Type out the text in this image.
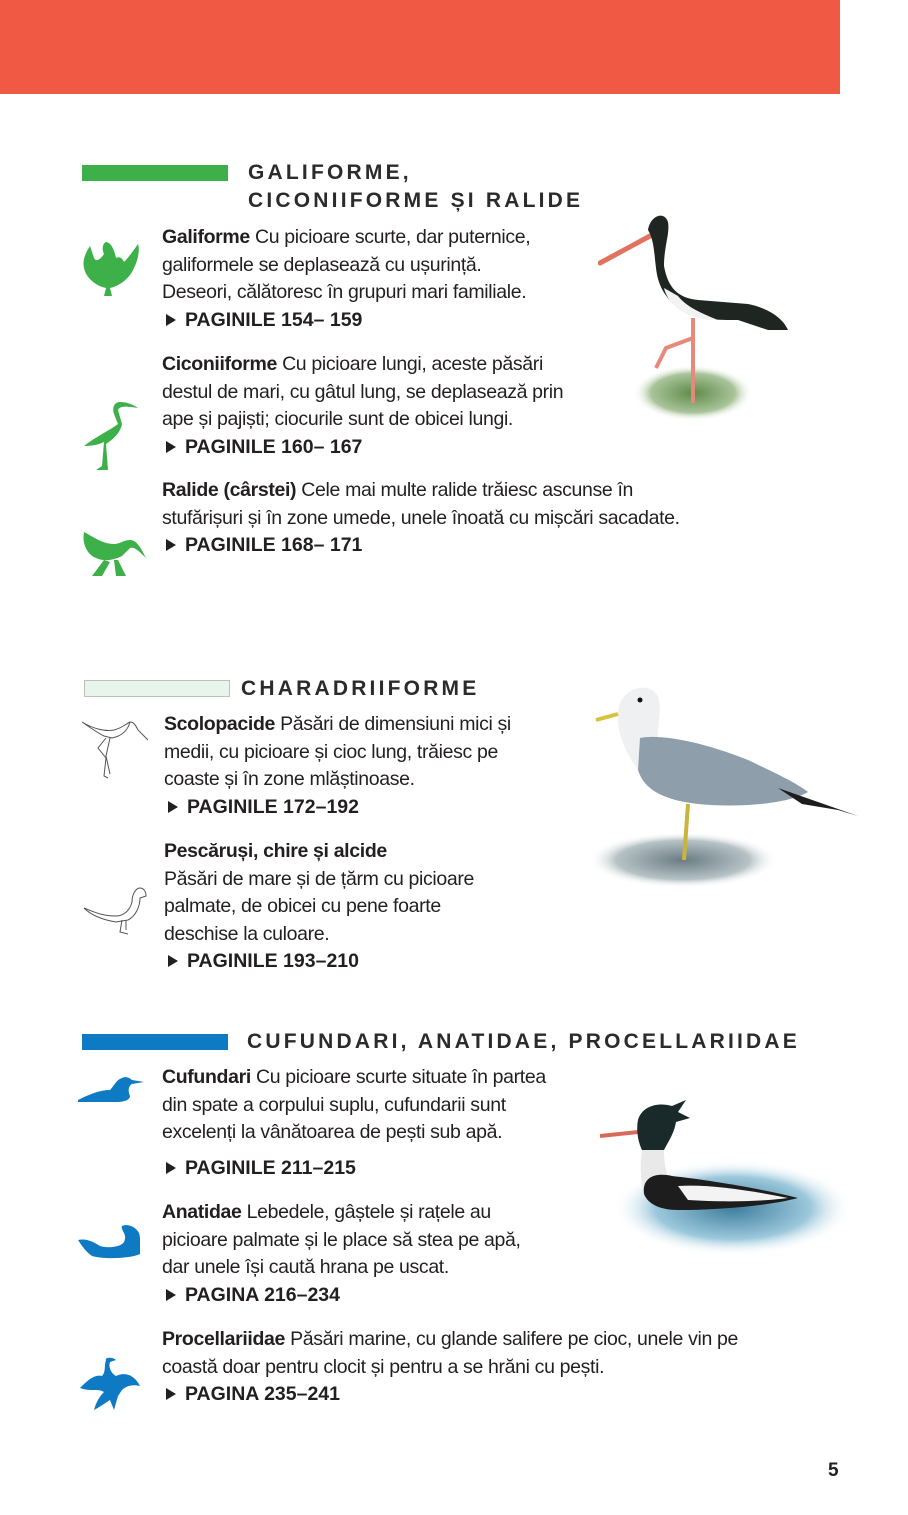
GALIFORME,
CICONIIFORME ȘI RALIDE
Galiforme Cu picioare scurte, dar puternice,
galiformele se deplasează cu ușurință.
Deseori, călătoresc în grupuri mari familiale.
PAGINILE 154– 159
Ciconiiforme Cu picioare lungi, aceste păsări
destul de mari, cu gâtul lung, se deplasează prin
ape și pajiști; ciocurile sunt de obicei lungi.
PAGINILE 160– 167
Ralide (cârstei) Cele mai multe ralide trăiesc ascunse în
stufărișuri și în zone umede, unele înoată cu mișcări sacadate.
PAGINILE 168– 171
CHARADRIIFORME
Scolopacide Păsări de dimensiuni mici și
medii, cu picioare și cioc lung, trăiesc pe
coaste și în zone mlăștinoase.
PAGINILE 172–192
Pescăruși, chire și alcide
Păsări de mare și de țărm cu picioare
palmate, de obicei cu pene foarte
deschise la culoare.
PAGINILE 193–210
CUFUNDARI, ANATIDAE, PROCELLARIIDAE
Cufundari Cu picioare scurte situate în partea
din spate a corpului suplu, cufundarii sunt
excelenți la vânătoarea de pești sub apă.
PAGINILE 211–215
Anatidae Lebedele, gâștele și rațele au
picioare palmate și le place să stea pe apă,
dar unele își caută hrana pe uscat.
PAGINA 216–234
Procellariidae Păsări marine, cu glande salifere pe cioc, unele vin pe
coastă doar pentru clocit și pentru a se hrăni cu pești.
PAGINA 235–241
5
